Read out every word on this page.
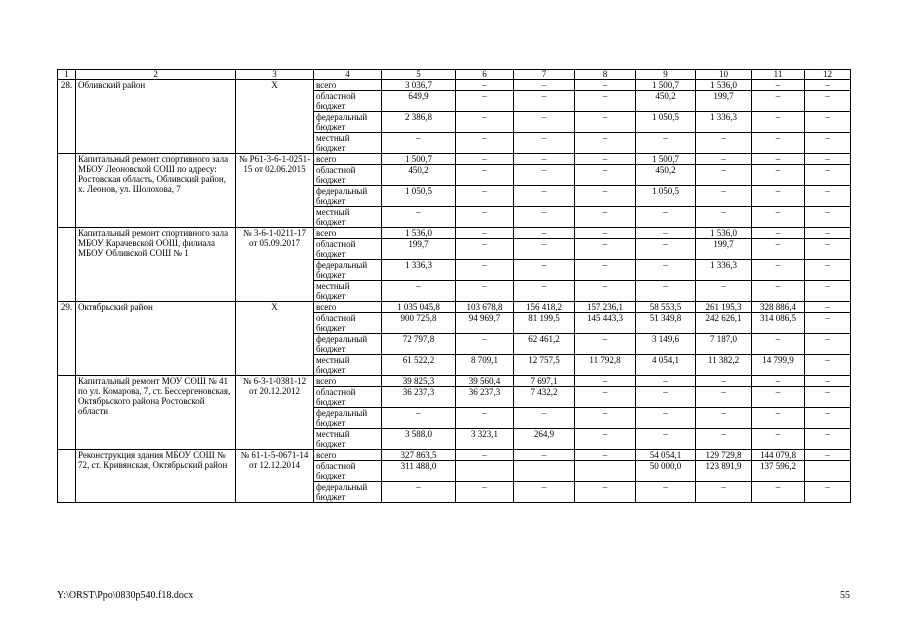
1	2	3	4	5	6	7	8	9	10	11	12
28.	Обливский район	X	всего	3 036,7	–	–	–	1 500,7	1 536,0	–	–
			областной бюджет	649,9	–	–	–	450,2	199,7	–	–
			федеральный бюджет	2 386,8	–	–	–	1 050,5	1 336,3	–	–
			местный бюджет	–	–	–	–	–	–	–	–
	Капитальный ремонт спортивного зала МБОУ Леоновской СОШ по адресу: Ростовская область, Обливский район, х. Леонов, ул. Шолохова, 7	№ Р61-3-6-1-0251-15 от 02.06.2015	всего	1 500,7	–	–	–	1 500,7	–	–	–
			областной бюджет	450,2	–	–	–	450,2	–	–	–
			федеральный бюджет	1 050,5	–	–	–	1 050,5	–	–	–
			местный бюджет	–	–	–	–	–	–	–	–
	Капитальный ремонт спортивного зала МБОУ Карачевской ООШ, филиала МБОУ Обливской СОШ № 1	№ 3-6-1-0211-17 от 05.09.2017	всего	1 536,0	–	–	–	–	1 536,0	–	–
			областной бюджет	199,7	–	–	–	–	199,7	–	–
			федеральный бюджет	1 336,3	–	–	–	–	1 336,3	–	–
			местный бюджет	–	–	–	–	–	–	–	–
29.	Октябрьский район	X	всего	1 035 045,8	103 678,8	156 418,2	157 236,1	58 553,5	261 195,3	328 886,4	–
			областной бюджет	900 725,8	94 969,7	81 199,5	145 443,3	51 349,8	242 626,1	314 086,5	–
			федеральный бюджет	72 797,8	–	62 461,2	–	3 149,6	7 187,0	–	–
			местный бюджет	61 522,2	8 709,1	12 757,5	11 792,8	4 054,1	11 382,2	14 799,9	–
	Капитальный ремонт МОУ СОШ № 41 по ул. Комарова, 7, ст. Бессергеновская, Октябрьского района Ростовской области	№ 6-3-1-0381-12 от 20.12.2012	всего	39 825,3	39 560,4	7 697,1	–	–	–	–	–
			областной бюджет	36 237,3	36 237,3	7 432,2	–	–	–	–	–
			федеральный бюджет	–	–	–	–	–	–	–	–
			местный бюджет	3 588,0	3 323,1	264,9	–	–	–	–	–
	Реконструкция здания МБОУ СОШ № 72, ст. Кривянская, Октябрьский район	№ 61-1-5-0671-14 от 12.12.2014	всего	327 863,5	–	–	–	54 054,1	129 729,8	144 079,8	–
			областной бюджет	311 488,0				50 000,0	123 891,9	137 596,2	
			федеральный бюджет	–	–	–	–	–	–	–	–
Y:\ORST\Ppo\0830p540.f18.docx	55
